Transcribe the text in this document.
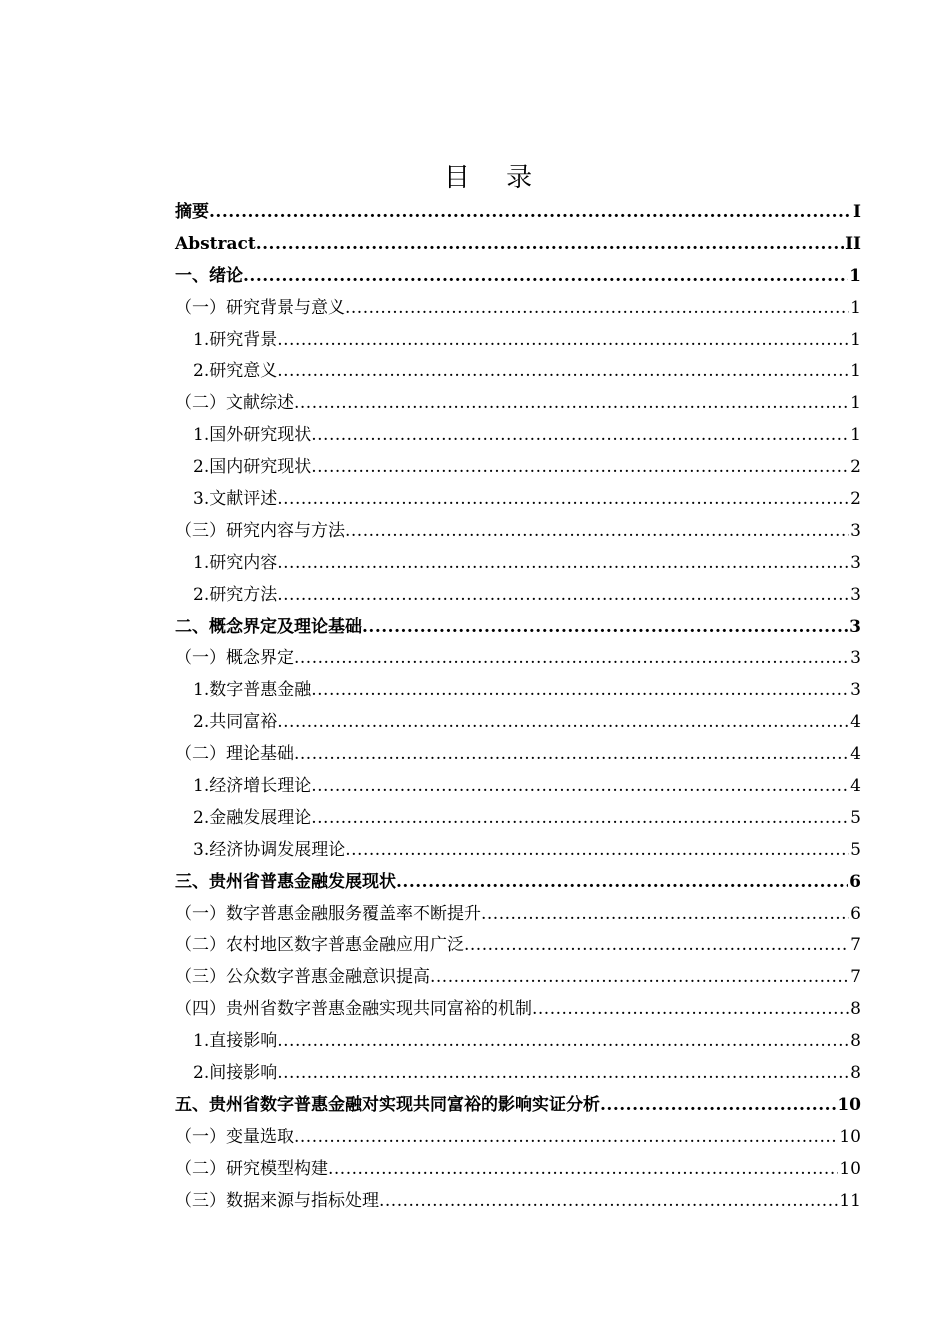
目 录
摘要 .....	I
Abstract .....	II
一、绪论 .....	1
（一）研究背景与意义 .....	1
1.研究背景 .....	1
2.研究意义 .....	1
（二）文献综述 .....	1
1.国外研究现状 .....	1
2.国内研究现状 .....	2
3.文献评述 .....	2
（三）研究内容与方法 .....	3
1.研究内容 .....	3
2.研究方法 .....	3
二、概念界定及理论基础 .....	3
（一）概念界定 .....	3
1.数字普惠金融 .....	3
2.共同富裕 .....	4
（二）理论基础 .....	4
1.经济增长理论 .....	4
2.金融发展理论 .....	5
3.经济协调发展理论 .....	5
三、贵州省普惠金融发展现状 .....	6
（一）数字普惠金融服务覆盖率不断提升 .....	6
（二）农村地区数字普惠金融应用广泛 .....	7
（三）公众数字普惠金融意识提高 .....	7
（四）贵州省数字普惠金融实现共同富裕的机制 .....	8
1.直接影响 .....	8
2.间接影响 .....	8
五、贵州省数字普惠金融对实现共同富裕的影响实证分析 .....	10
（一）变量选取 .....	10
（二）研究模型构建 .....	10
（三）数据来源与指标处理 .....	11
